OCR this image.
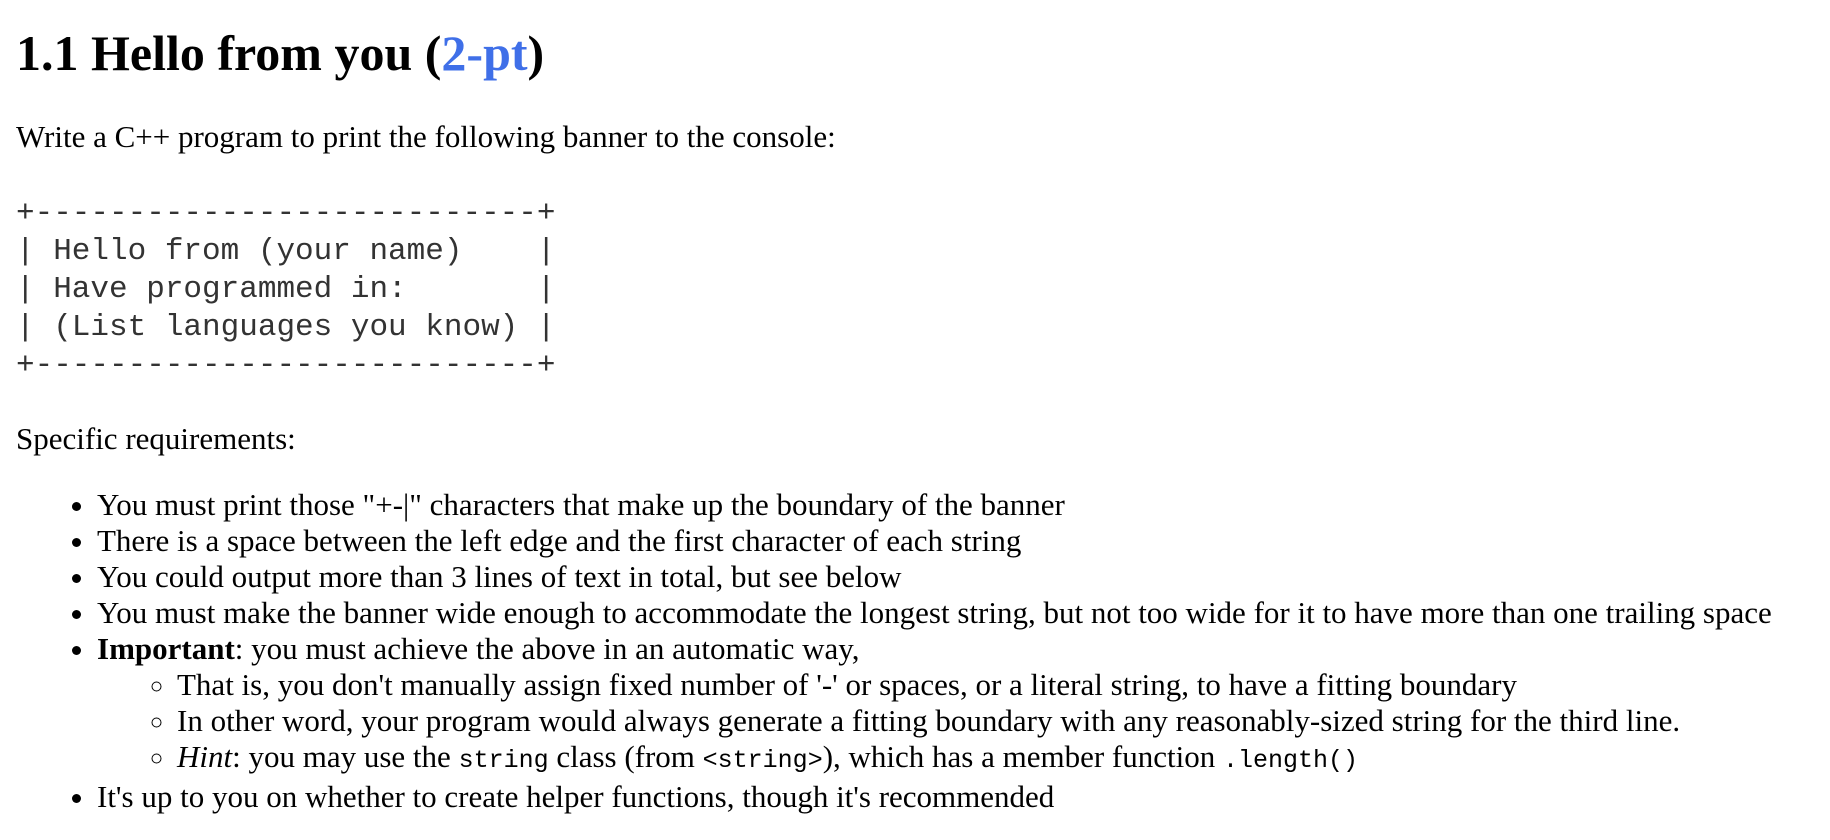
1.1 Hello from you (2-pt)

Write a C++ program to print the following banner to the console:

+---------------------------+
| Hello from (your name)    |
| Have programmed in:       |
| (List languages you know) |
+---------------------------+

Specific requirements:

• You must print those "+-|" characters that make up the boundary of the banner
• There is a space between the left edge and the first character of each string
• You could output more than 3 lines of text in total, but see below
• You must make the banner wide enough to accommodate the longest string, but not too wide for it to have more than one trailing space
• Important: you must achieve the above in an automatic way,
◦ That is, you don't manually assign fixed number of '-' or spaces, or a literal string, to have a fitting boundary
◦ In other word, your program would always generate a fitting boundary with any reasonably-sized string for the third line.
◦ Hint: you may use the string class (from <string>), which has a member function .length()
• It's up to you on whether to create helper functions, though it's recommended
